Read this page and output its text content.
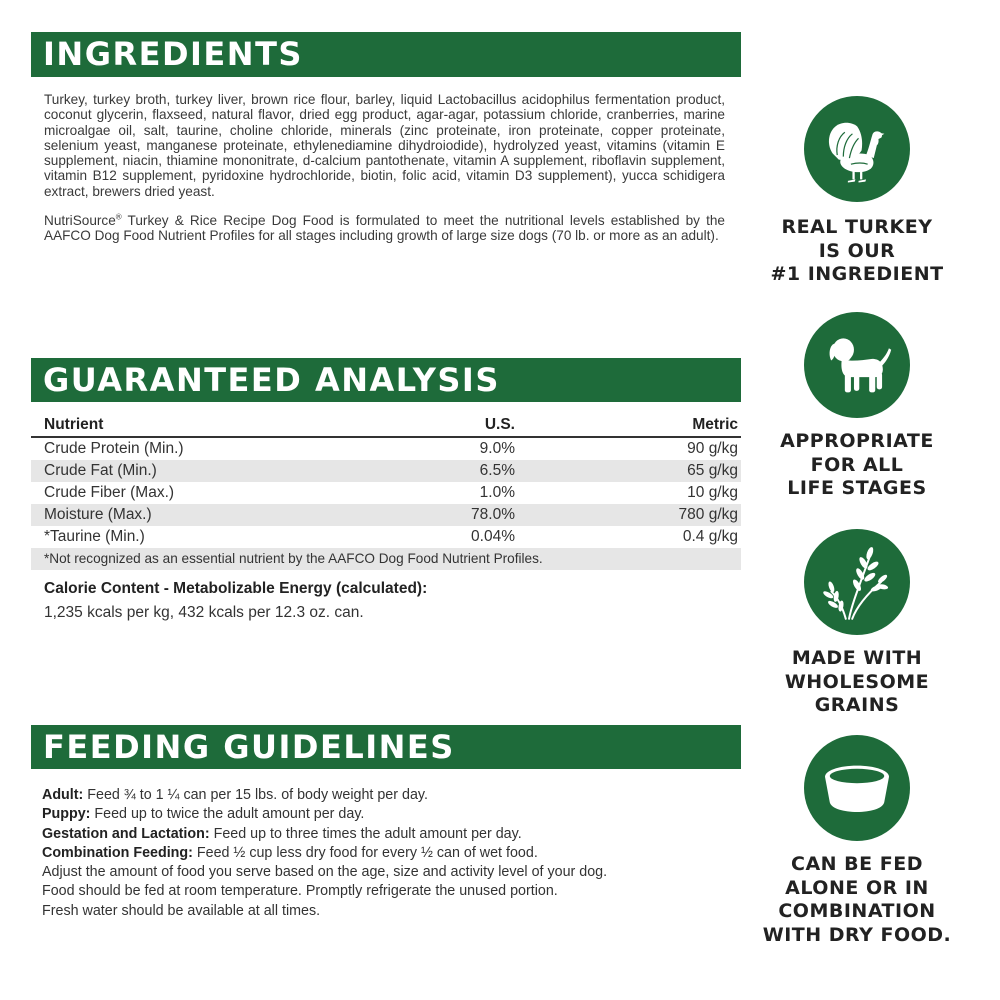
INGREDIENTS

Turkey, turkey broth, turkey liver, brown rice flour, barley, liquid Lactobacillus acidophilus fermentation product, coconut glycerin, flaxseed, natural flavor, dried egg product, agar-agar, potassium chloride, cranberries, marine microalgae oil, salt, taurine, choline chloride, minerals (zinc proteinate, iron proteinate, copper proteinate, selenium yeast, manganese proteinate, ethylenediamine dihydroiodide), hydrolyzed yeast, vitamins (vitamin E supplement, niacin, thiamine mononitrate, d-calcium pantothenate, vitamin A supplement, riboflavin supplement, vitamin B12 supplement, pyridoxine hydrochloride, biotin, folic acid, vitamin D3 supplement), yucca schidigera extract, brewers dried yeast.

NutriSource® Turkey & Rice Recipe Dog Food is formulated to meet the nutritional levels established by the AAFCO Dog Food Nutrient Profiles for all stages including growth of large size dogs (70 lb. or more as an adult).

GUARANTEED ANALYSIS
Nutrient	U.S.	Metric
Crude Protein (Min.)	9.0%	90 g/kg
Crude Fat (Min.)	6.5%	65 g/kg
Crude Fiber (Max.)	1.0%	10 g/kg
Moisture (Max.)	78.0%	780 g/kg
*Taurine (Min.)	0.04%	0.4 g/kg
*Not recognized as an essential nutrient by the AAFCO Dog Food Nutrient Profiles.
Calorie Content - Metabolizable Energy (calculated):
1,235 kcals per kg, 432 kcals per 12.3 oz. can.
FEEDING GUIDELINES
Adult: Feed ¾ to 1 ¼ can per 15 lbs. of body weight per day.
Puppy: Feed up to twice the adult amount per day.
Gestation and Lactation: Feed up to three times the adult amount per day.
Combination Feeding: Feed ½ cup less dry food for every ½ can of wet food.
Adjust the amount of food you serve based on the age, size and activity level of your dog.
Food should be fed at room temperature. Promptly refrigerate the unused portion.
Fresh water should be available at all times.
REAL TURKEY
IS OUR
#1 INGREDIENT
APPROPRIATE
FOR ALL
LIFE STAGES
MADE WITH
WHOLESOME
GRAINS
CAN BE FED
ALONE OR IN
COMBINATION
WITH DRY FOOD.
